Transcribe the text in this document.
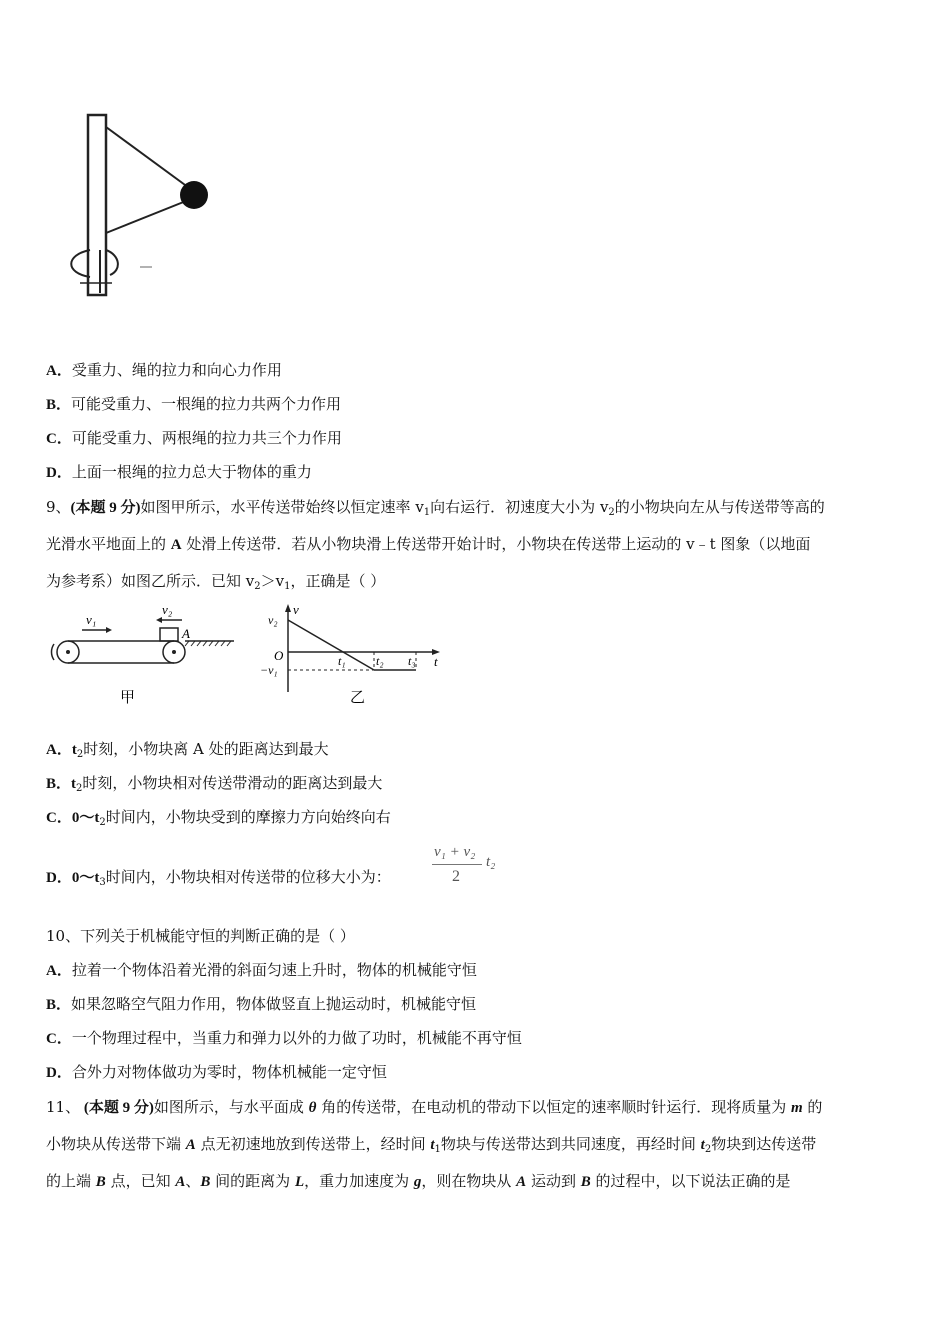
A．受重力、绳的拉力和向心力作用
B．可能受重力、一根绳的拉力共两个力作用
C．可能受重力、两根绳的拉力共三个力作用
D．上面一根绳的拉力总大于物体的重力
9、(本题 9 分)如图甲所示，水平传送带始终以恒定速率 $v_1$向右运行．初速度大小为 $v_2$的小物块向左从与传送带等高的
光滑水平地面上的 A 处滑上传送带．若从小物块滑上传送带开始计时，小物块在传送带上运动的 v﹣t 图象（以地面
为参考系）如图乙所示．已知 $v_2>v_1$，正确是（ ）
v₁
v₂
A
甲
v
t
O
v₂
−v₁
t₁	t₂ t₃
乙
A．$t_2$时刻，小物块离 A 处的距离达到最大
B．$t_2$时刻，小物块相对传送带滑动的距离达到最大
C．$0\sim t_2$时间内，小物块受到的摩擦力方向始终向右
D．$0\sim t_3$时间内，小物块相对传送带的位移大小为：
v₁ + v₂
2
t₂
10、下列关于机械能守恒的判断正确的是（ ）
A．拉着一个物体沿着光滑的斜面匀速上升时，物体的机械能守恒
B．如果忽略空气阻力作用，物体做竖直上抛运动时，机械能守恒
C．一个物理过程中，当重力和弹力以外的力做了功时，机械能不再守恒
D．合外力对物体做功为零时，物体机械能一定守恒
11、 (本题 9 分)如图所示，与水平面成 θ 角的传送带，在电动机的带动下以恒定的速率顺时针运行．现将质量为 m 的
小物块从传送带下端 A 点无初速地放到传送带上，经时间 $t_1$物块与传送带达到共同速度，再经时间 $t_2$物块到达传送带
的上端 B 点，已知 A、B 间的距离为 L，重力加速度为 g，则在物块从 A 运动到 B 的过程中，以下说法正确的是
